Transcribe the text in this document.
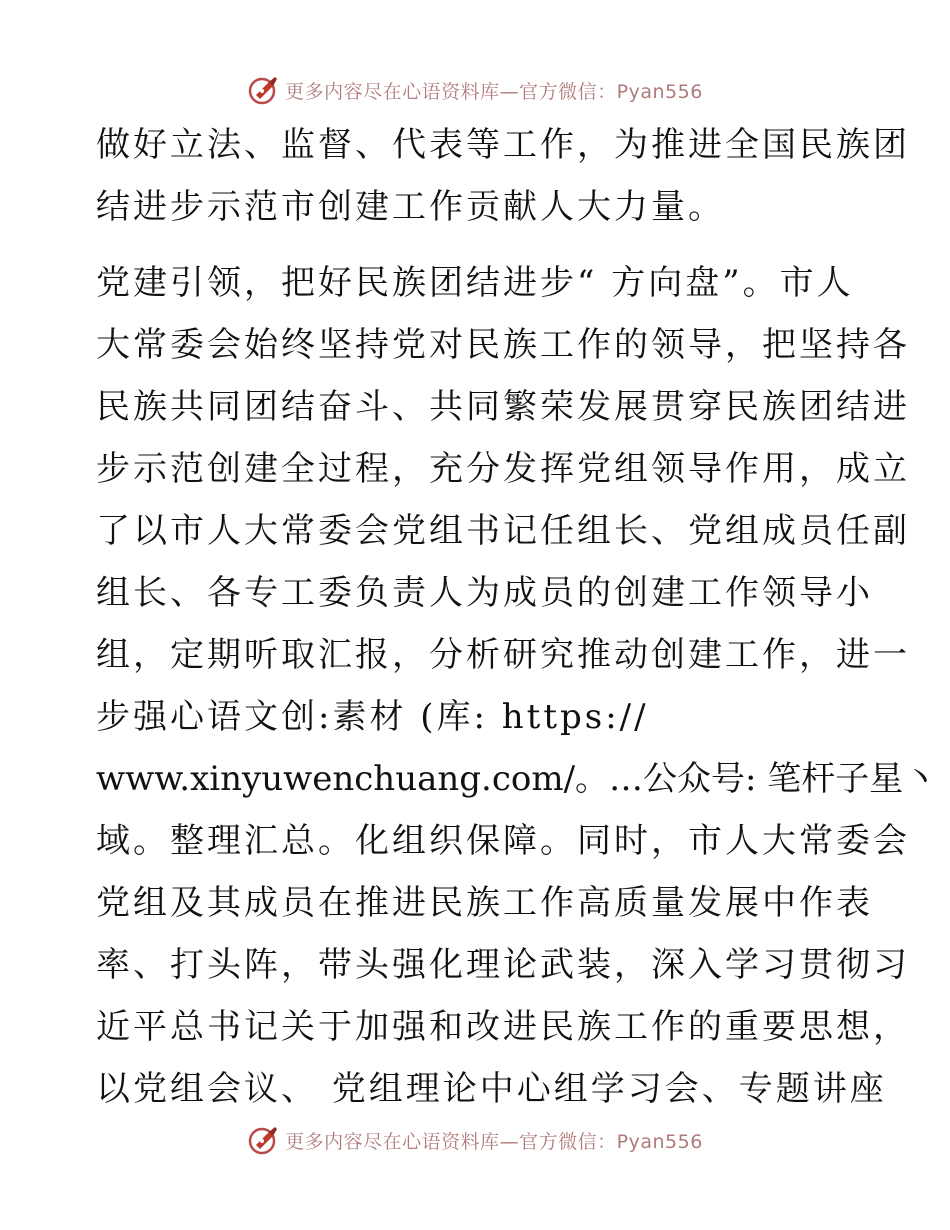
更多内容尽在心语资料库—官方微信：Pyan556
做好立法、监督、代表等工作，为推进全国民族团
结进步示范市创建工作贡献人大力量。
党建引领，把好民族团结进步“ 方向盘”。市人
大常委会始终坚持党对民族工作的领导，把坚持各
民族共同团结奋斗、共同繁荣发展贯穿民族团结进
步示范创建全过程，充分发挥党组领导作用，成立
了以市人大常委会党组书记任组长、党组成员任副
组长、各专工委负责人为成员的创建工作领导小
组，定期听取汇报，分析研究推动创建工作，进一
步强心语文创:素材 (库: https://
www.xinyuwenchuang.com/。…公众号: 笔杆子星丶
域。整理汇总。化组织保障。同时，市人大常委会
党组及其成员在推进民族工作高质量发展中作表
率、打头阵，带头强化理论武装，深入学习贯彻习
近平总书记关于加强和改进民族工作的重要思想，
以党组会议、 党组理论中心组学习会、专题讲座
更多内容尽在心语资料库—官方微信：Pyan556
